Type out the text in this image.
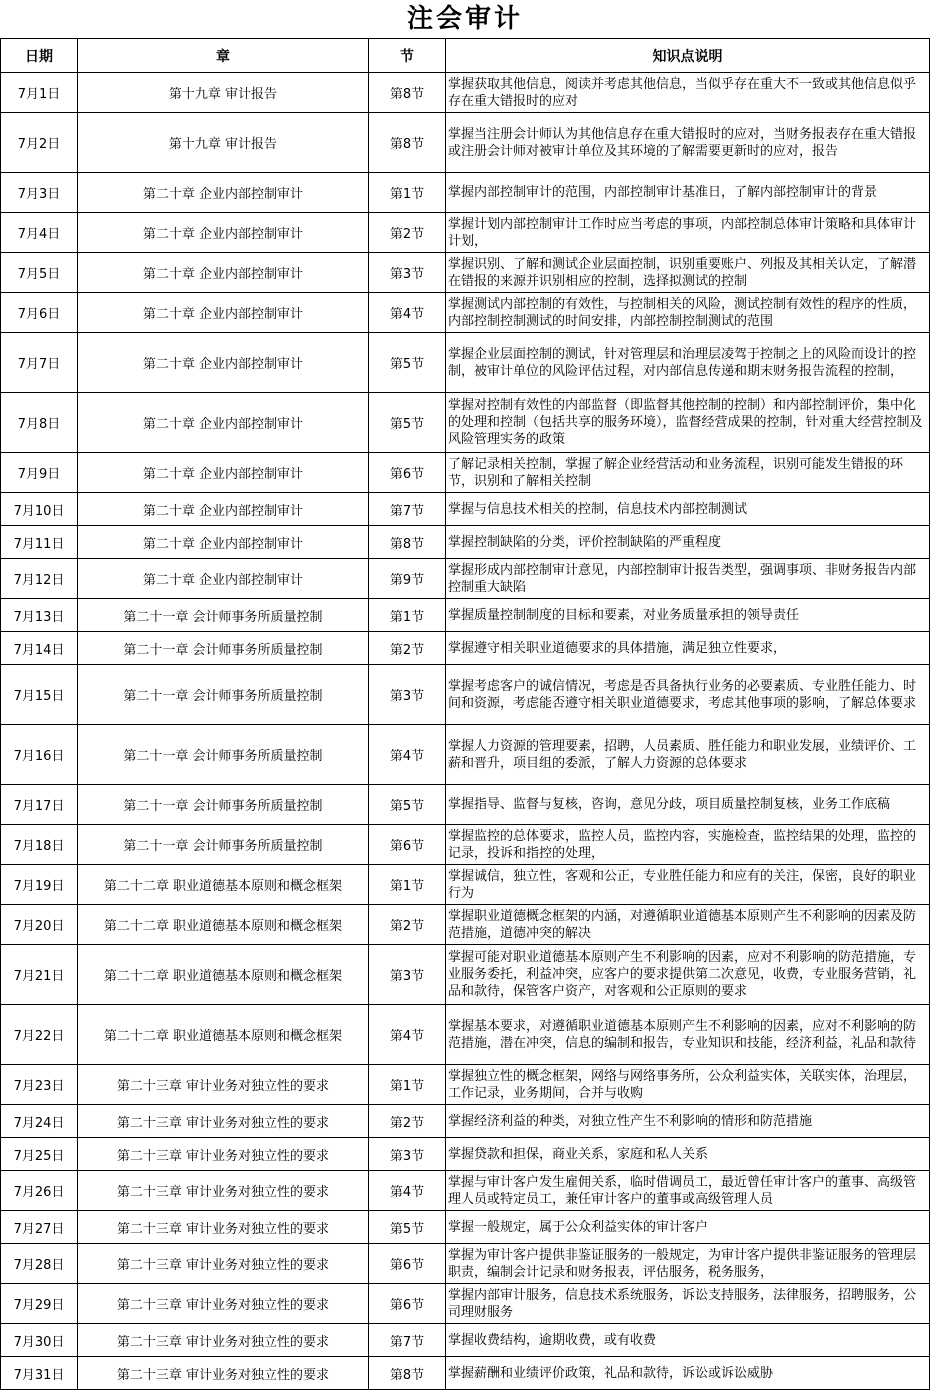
注会审计
日期	章	节	知识点说明
7月1日	第十九章 审计报告	第8节	掌握获取其他信息，阅读并考虑其他信息，当似乎存在重大不一致或其他信息似乎存在重大错报时的应对
7月2日	第十九章 审计报告	第8节	掌握当注册会计师认为其他信息存在重大错报时的应对，当财务报表存在重大错报或注册会计师对被审计单位及其环境的了解需要更新时的应对，报告
7月3日	第二十章 企业内部控制审计	第1节	掌握内部控制审计的范围，内部控制审计基准日，了解内部控制审计的背景
7月4日	第二十章 企业内部控制审计	第2节	掌握计划内部控制审计工作时应当考虑的事项，内部控制总体审计策略和具体审计计划，
7月5日	第二十章 企业内部控制审计	第3节	掌握识别、了解和测试企业层面控制，识别重要账户、列报及其相关认定，了解潜在错报的来源并识别相应的控制，选择拟测试的控制
7月6日	第二十章 企业内部控制审计	第4节	掌握测试内部控制的有效性，与控制相关的风险，测试控制有效性的程序的性质，内部控制控制测试的时间安排，内部控制控制测试的范围
7月7日	第二十章 企业内部控制审计	第5节	掌握企业层面控制的测试，针对管理层和治理层凌驾于控制之上的风险而设计的控制，被审计单位的风险评估过程，对内部信息传递和期末财务报告流程的控制，
7月8日	第二十章 企业内部控制审计	第5节	掌握对控制有效性的内部监督（即监督其他控制的控制）和内部控制评价，集中化的处理和控制（包括共享的服务环境），监督经营成果的控制，针对重大经营控制及风险管理实务的政策
7月9日	第二十章 企业内部控制审计	第6节	了解记录相关控制，掌握了解企业经营活动和业务流程，识别可能发生错报的环节，识别和了解相关控制
7月10日	第二十章 企业内部控制审计	第7节	掌握与信息技术相关的控制，信息技术内部控制测试
7月11日	第二十章 企业内部控制审计	第8节	掌握控制缺陷的分类，评价控制缺陷的严重程度
7月12日	第二十章 企业内部控制审计	第9节	掌握形成内部控制审计意见，内部控制审计报告类型，强调事项、非财务报告内部控制重大缺陷
7月13日	第二十一章 会计师事务所质量控制	第1节	掌握质量控制制度的目标和要素，对业务质量承担的领导责任
7月14日	第二十一章 会计师事务所质量控制	第2节	掌握遵守相关职业道德要求的具体措施，满足独立性要求，
7月15日	第二十一章 会计师事务所质量控制	第3节	掌握考虑客户的诚信情况，考虑是否具备执行业务的必要素质、专业胜任能力、时间和资源，考虑能否遵守相关职业道德要求，考虑其他事项的影响，了解总体要求
7月16日	第二十一章 会计师事务所质量控制	第4节	掌握人力资源的管理要素，招聘，人员素质、胜任能力和职业发展，业绩评价、工薪和晋升，项目组的委派，了解人力资源的总体要求
7月17日	第二十一章 会计师事务所质量控制	第5节	掌握指导、监督与复核，咨询，意见分歧，项目质量控制复核，业务工作底稿
7月18日	第二十一章 会计师事务所质量控制	第6节	掌握监控的总体要求，监控人员，监控内容，实施检查，监控结果的处理，监控的记录，投诉和指控的处理，
7月19日	第二十二章 职业道德基本原则和概念框架	第1节	掌握诚信，独立性，客观和公正，专业胜任能力和应有的关注，保密，良好的职业行为
7月20日	第二十二章 职业道德基本原则和概念框架	第2节	掌握职业道德概念框架的内涵，对遵循职业道德基本原则产生不利影响的因素及防范措施，道德冲突的解决
7月21日	第二十二章 职业道德基本原则和概念框架	第3节	掌握可能对职业道德基本原则产生不利影响的因素，应对不利影响的防范措施，专业服务委托，利益冲突，应客户的要求提供第二次意见，收费，专业服务营销，礼品和款待，保管客户资产，对客观和公正原则的要求
7月22日	第二十二章 职业道德基本原则和概念框架	第4节	掌握基本要求，对遵循职业道德基本原则产生不利影响的因素，应对不利影响的防范措施，潜在冲突，信息的编制和报告，专业知识和技能，经济利益，礼品和款待
7月23日	第二十三章 审计业务对独立性的要求	第1节	掌握独立性的概念框架，网络与网络事务所，公众利益实体，关联实体，治理层，工作记录，业务期间，合并与收购
7月24日	第二十三章 审计业务对独立性的要求	第2节	掌握经济利益的种类，对独立性产生不利影响的情形和防范措施
7月25日	第二十三章 审计业务对独立性的要求	第3节	掌握贷款和担保，商业关系，家庭和私人关系
7月26日	第二十三章 审计业务对独立性的要求	第4节	掌握与审计客户发生雇佣关系，临时借调员工，最近曾任审计客户的董事、高级管理人员或特定员工，兼任审计客户的董事或高级管理人员
7月27日	第二十三章 审计业务对独立性的要求	第5节	掌握一般规定，属于公众利益实体的审计客户
7月28日	第二十三章 审计业务对独立性的要求	第6节	掌握为审计客户提供非鉴证服务的一般规定，为审计客户提供非鉴证服务的管理层职责，编制会计记录和财务报表，评估服务，税务服务，
7月29日	第二十三章 审计业务对独立性的要求	第6节	掌握内部审计服务，信息技术系统服务，诉讼支持服务，法律服务，招聘服务，公司理财服务
7月30日	第二十三章 审计业务对独立性的要求	第7节	掌握收费结构，逾期收费，或有收费
7月31日	第二十三章 审计业务对独立性的要求	第8节	掌握薪酬和业绩评价政策，礼品和款待，诉讼或诉讼威胁
